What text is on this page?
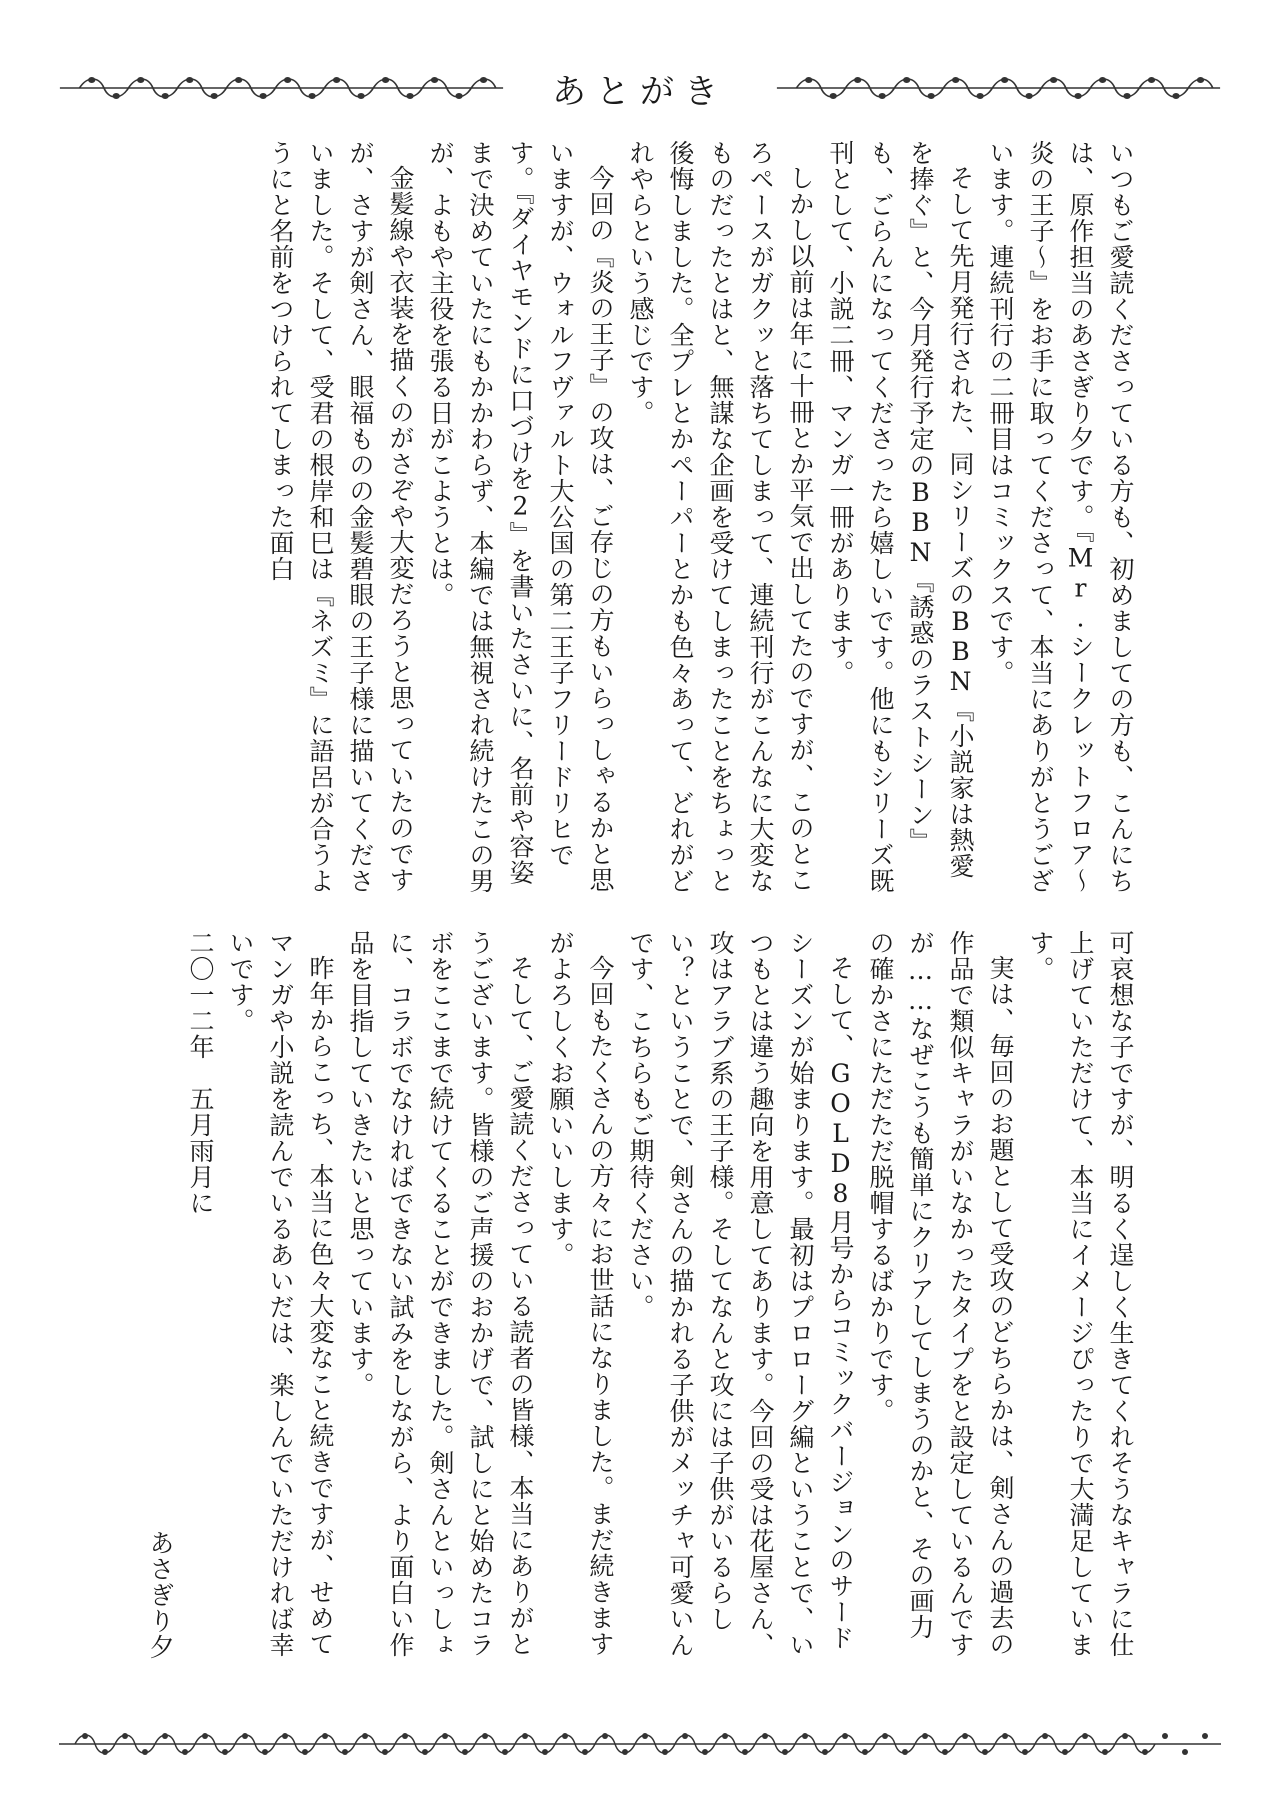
あとがき

いつもご愛読くださっている方も、初めましての方も、こんにちは、原作担当のあさぎり夕です。『Mr.シークレットフロア〜炎の王子〜』をお手に取ってくださって、本当にありがとうございます。連続刊行の二冊目はコミックスです。

そして先月発行された、同シリーズのBBN『小説家は熱愛を捧ぐ』と、今月発行予定のBBN『誘惑のラストシーン』も、ごらんになってくださったら嬉しいです。他にもシリーズ既刊として、小説二冊、マンガ一冊があります。

しかし以前は年に十冊とか平気で出してたのですが、このところペースがガクッと落ちてしまって、連続刊行がこんなに大変なものだったとはと、無謀な企画を受けてしまったことをちょっと後悔しました。全プレとかペーパーとかも色々あって、どれがどれやらという感じです。

今回の『炎の王子』の攻は、ご存じの方もいらっしゃるかと思いますが、ウォルフヴァルト大公国の第二王子フリードリヒです。『ダイヤモンドに口づけを2』を書いたさいに、名前や容姿まで決めていたにもかかわらず、本編では無視され続けたこの男が、よもや主役を張る日がこようとは。

金髪線や衣装を描くのがさぞや大変だろうと思っていたのですが、さすが剣さん、眼福ものの金髪碧眼の王子様に描いてくださいました。そして、受君の根岸和巳は『ネズミ』に語呂が合うようにと名前をつけられてしまった面白

可哀想な子ですが、明るく逞しく生きてくれそうなキャラに仕上げていただけて、本当にイメージぴったりで大満足しています。

実は、毎回のお題として受攻のどちらかは、剣さんの過去の作品で類似キャラがいなかったタイプをと設定しているんですが……なぜこうも簡単にクリアしてしまうのかと、その画力の確かさにただただ脱帽するばかりです。

そして、GOLD8月号からコミックバージョンのサードシーズンが始まります。最初はプロローグ編ということで、いつもとは違う趣向を用意してあります。今回の受は花屋さん、攻はアラブ系の王子様。そしてなんと攻には子供がいるらしい？ということで、剣さんの描かれる子供がメッチャ可愛いんです、こちらもご期待ください。

今回もたくさんの方々にお世話になりました。まだ続きますがよろしくお願いいします。

そして、ご愛読くださっている読者の皆様、本当にありがとうございます。皆様のご声援のおかげで、試しにと始めたコラボをここまで続けてくることができました。剣さんといっしょに、コラボでなければできない試みをしながら、より面白い作品を目指していきたいと思っています。

昨年からこっち、本当に色々大変なこと続きですが、せめてマンガや小説を読んでいるあいだは、楽しんでいただければ幸いです。

二〇一二年　五月雨月に

あさぎり夕
